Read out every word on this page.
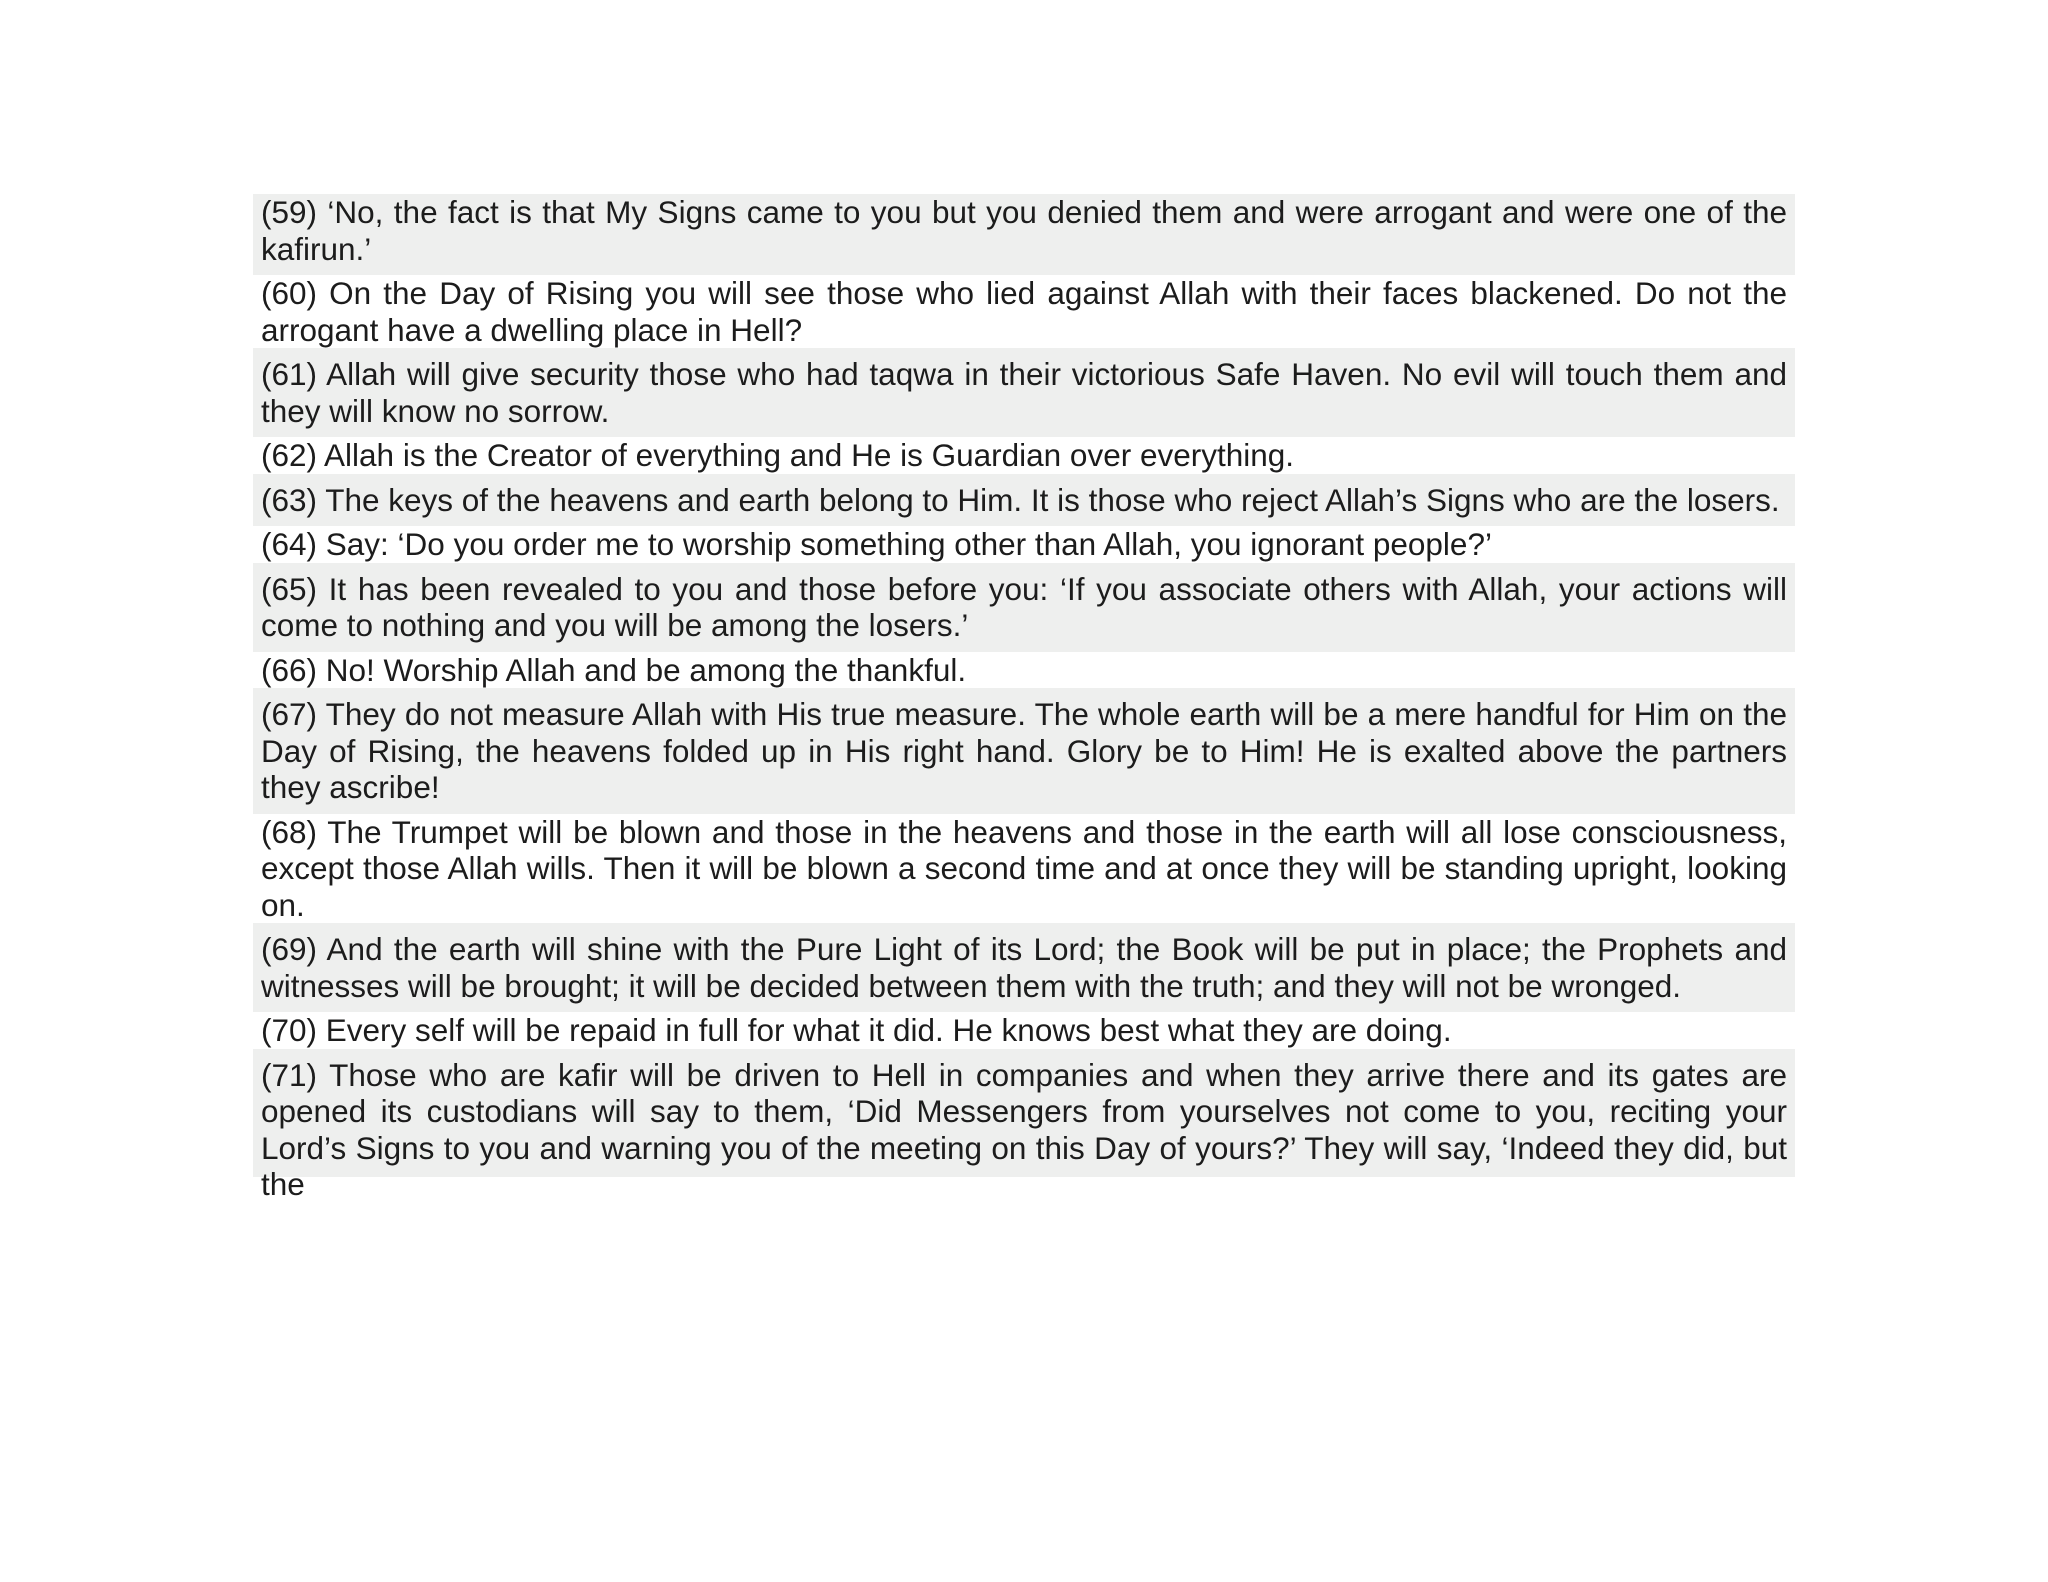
(59) ‘No, the fact is that My Signs came to you but you denied them and were arrogant and were one of the kafirun.’

(60) On the Day of Rising you will see those who lied against Allah with their faces blackened. Do not the arrogant have a dwelling place in Hell?

(61) Allah will give security those who had taqwa in their victorious Safe Haven. No evil will touch them and they will know no sorrow.

(62) Allah is the Creator of everything and He is Guardian over everything.

(63) The keys of the heavens and earth belong to Him. It is those who reject Allah’s Signs who are the losers.

(64) Say: ‘Do you order me to worship something other than Allah, you ignorant people?’

(65) It has been revealed to you and those before you: ‘If you associate others with Allah, your actions will come to nothing and you will be among the losers.’

(66) No! Worship Allah and be among the thankful.

(67) They do not measure Allah with His true measure. The whole earth will be a mere handful for Him on the Day of Rising, the heavens folded up in His right hand. Glory be to Him! He is exalted above the partners they ascribe!

(68) The Trumpet will be blown and those in the heavens and those in the earth will all lose consciousness, except those Allah wills. Then it will be blown a second time and at once they will be standing upright, looking on.

(69) And the earth will shine with the Pure Light of its Lord; the Book will be put in place; the Prophets and witnesses will be brought; it will be decided between them with the truth; and they will not be wronged.

(70) Every self will be repaid in full for what it did. He knows best what they are doing.

(71) Those who are kafir will be driven to Hell in companies and when they arrive there and its gates are opened its custodians will say to them, ‘Did Messengers from yourselves not come to you, reciting your Lord’s Signs to you and warning you of the meeting on this Day of yours?’ They will say, ‘Indeed they did, but the
